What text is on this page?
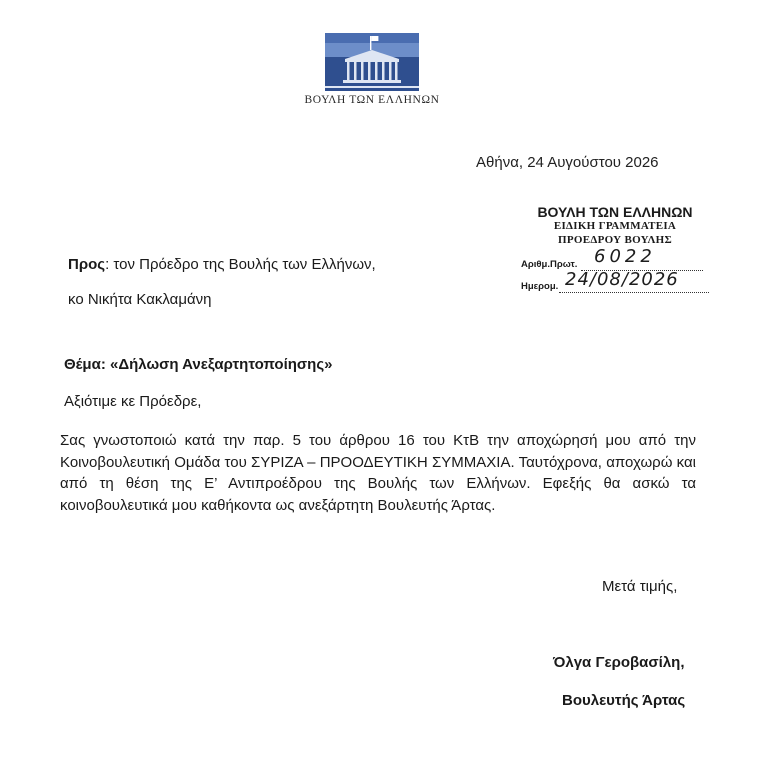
ΒΟΥΛΗ ΤΩΝ ΕΛΛΗΝΩΝ
Αθήνα, 24 Αυγούστου 2026
ΒΟΥΛΗ ΤΩΝ ΕΛΛΗΝΩΝ
ΕΙΔΙΚΗ ΓΡΑΜΜΑΤΕΙΑ
ΠΡΟΕΔΡΟΥ ΒΟΥΛΗΣ
Αριθμ.Πρωτ. 6022
Ημερομ. 24/08/2026
Προς: τον Πρόεδρο της Βουλής των Ελλήνων,
κο Νικήτα Κακλαμάνη
Θέμα: «Δήλωση Ανεξαρτητοποίησης»
Αξιότιμε κε Πρόεδρε,
Σας γνωστοποιώ κατά την παρ. 5 του άρθρου 16 του ΚτΒ την αποχώρησή μου από την Κοινοβουλευτική Ομάδα του ΣΥΡΙΖΑ – ΠΡΟΟΔΕΥΤΙΚΗ ΣΥΜΜΑΧΙΑ. Ταυτόχρονα, αποχωρώ και από τη θέση της Ε’ Αντιπροέδρου της Βουλής των Ελλήνων. Εφεξής θα ασκώ τα κοινοβουλευτικά μου καθήκοντα ως ανεξάρτητη Βουλευτής Άρτας.
Μετά τιμής,
Όλγα Γεροβασίλη,
Βουλευτής Άρτας
